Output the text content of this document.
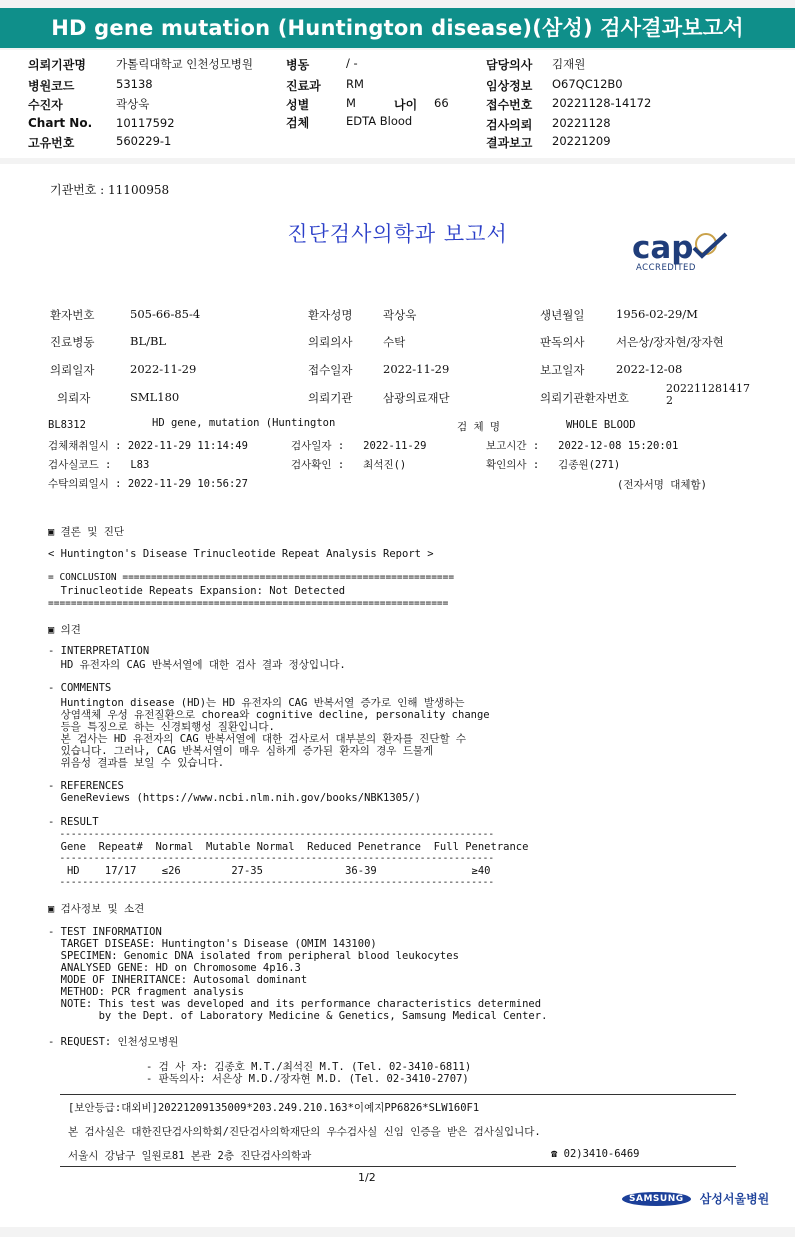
HD gene mutation (Huntington disease)(삼성) 검사결과보고서
의뢰기관명	가톨릭대학교 인천성모병원
병원코드	53138
수진자	곽상욱
Chart No. 10117592
고유번호	560229-1
병동	/ -
진료과 RM
성별	M	나이 66
검체	EDTA Blood
담당의사 김재원
임상정보 O67QC12B0
접수번호 20221128-14172
검사의뢰 20221128
결과보고 20221209
기관번호 : 11100958
진단검사의학과 보고서	cap
ACCREDITED
환자번호	505-66-85-4	환자성명	곽상욱	생년월일	1956-02-29/M
진료병동	BL/BL	의뢰의사	수탁	판독의사	서은상/장자현/장자현
의뢰일자	2022-11-29	접수일자	2022-11-29	보고일자	2022-12-08
의뢰자	SML180	의뢰기관	삼광의료재단	의뢰기관환자번호
202211281417
2
BL8312	HD gene, mutation (Huntington	검 체 명	WHOLE BLOOD
검체채취일시 : 2022-11-29 11:14:49	검사일자 :   2022-11-29	보고시간 :   2022-12-08 15:20:01
검사실코드 :   L83	검사확인 :   최석진()	확인의사 :   김종원(271)
수탁의뢰일시 : 2022-11-29 10:56:27	(전자서명 대체함)
▣ 결론 및 진단
< Huntington's Disease Trinucleotide Repeat Analysis Report >
= CONCLUSION ==========================================================
Trinucleotide Repeats Expansion: Not Detected
======================================================================
▣ 의견
- INTERPRETATION
HD 유전자의 CAG 반복서열에 대한 검사 결과 정상입니다.
- COMMENTS
Huntington disease (HD)는 HD 유전자의 CAG 반복서열 증가로 인해 발생하는
상염색체 우성 유전질환으로 chorea와 cognitive decline, personality change
등을 특징으로 하는 신경퇴행성 질환입니다.
본 검사는 HD 유전자의 CAG 반복서열에 대한 검사로서 대부분의 환자를 진단할 수
있습니다. 그러나, CAG 반복서열이 매우 심하게 증가된 환자의 경우 드물게
위음성 결과를 보일 수 있습니다.
- REFERENCES
GeneReviews (https://www.ncbi.nlm.nih.gov/books/NBK1305/)
- RESULT
----------------------------------------------------------------------------
Gene  Repeat#  Normal  Mutable Normal  Reduced Penetrance  Full Penetrance
----------------------------------------------------------------------------
HD    17/17    ≤26        27-35             36-39               ≥40
----------------------------------------------------------------------------
▣ 검사정보 및 소견
- TEST INFORMATION
TARGET DISEASE: Huntington's Disease (OMIM 143100)
SPECIMEN: Genomic DNA isolated from peripheral blood leukocytes
ANALYSED GENE: HD on Chromosome 4p16.3
MODE OF INHERITANCE: Autosomal dominant
METHOD: PCR fragment analysis
NOTE: This test was developed and its performance characteristics determined
by the Dept. of Laboratory Medicine & Genetics, Samsung Medical Center.
- REQUEST: 인천성모병원
- 검 사 자: 김종호 M.T./최석진 M.T. (Tel. 02-3410-6811)
- 판독의사: 서은상 M.D./장자현 M.D. (Tel. 02-3410-2707)
[보안등급:대외비]20221209135009*203.249.210.163*이예지PP6826*SLW160F1
본 검사실은 대한진단검사의학회/진단검사의학재단의 우수검사실 신임 인증을 받은 검사실입니다.
서울시 강남구 일원로81 본관 2층 진단검사의학과	☎ 02)3410-6469
1/2
SAMSUNG 삼성서울병원
